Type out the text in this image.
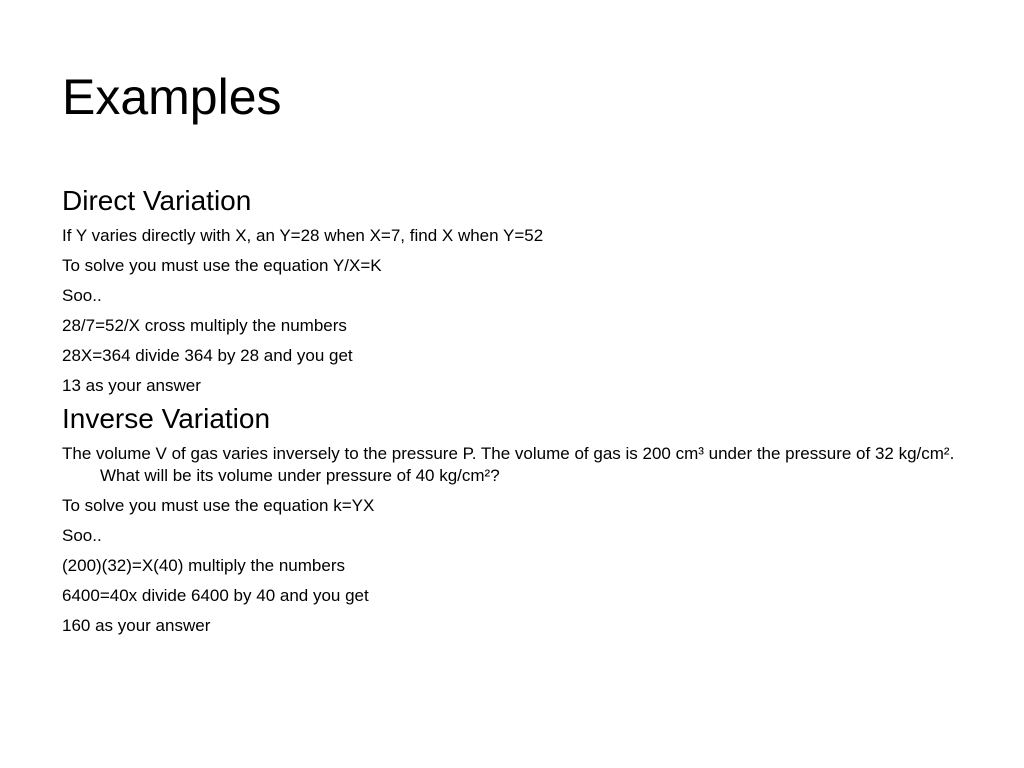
Examples
Direct Variation
If Y varies directly with X, an Y=28 when X=7, find X when Y=52
To solve you must use the equation Y/X=K
Soo..
28/7=52/X cross multiply the numbers
28X=364 divide 364 by 28 and you get
13 as your answer
Inverse Variation
The volume V of gas varies inversely to the pressure P. The volume of gas is 200 cm³ under the pressure of 32 kg/cm². What will be its volume under pressure of 40 kg/cm²?
To solve you must use the equation k=YX
Soo..
(200)(32)=X(40) multiply the numbers
6400=40x divide 6400 by 40 and you get
160 as your answer
